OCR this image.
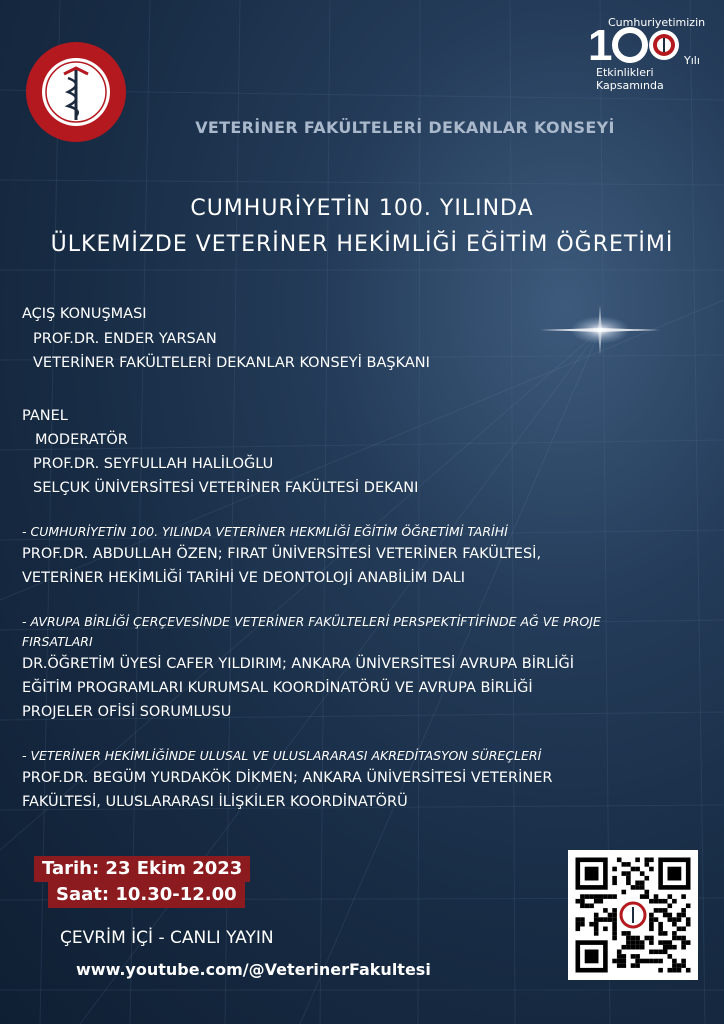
1
Cumhuriyetimizin
Yılı
Etkinlikleri Kapsamında
VETERİNER FAKÜLTELERİ DEKANLAR KONSEYİ
CUMHURİYETİN 100. YILINDA
ÜLKEMİZDE VETERİNER HEKİMLİĞİ EĞİTİM ÖĞRETİMİ
AÇIŞ KONUŞMASI
PROF.DR. ENDER YARSAN
VETERİNER FAKÜLTELERİ DEKANLAR KONSEYİ BAŞKANI
PANEL
MODERATÖR
PROF.DR. SEYFULLAH HALİLOĞLU
SELÇUK ÜNİVERSİTESİ VETERİNER FAKÜLTESİ DEKANI
- CUMHURİYETİN 100. YILINDA VETERİNER HEKMLİĞİ EĞİTİM ÖĞRETİMİ TARİHİ
PROF.DR. ABDULLAH ÖZEN; FIRAT ÜNİVERSİTESİ VETERİNER FAKÜLTESİ,
VETERİNER HEKİMLİĞİ TARİHİ VE DEONTOLOJİ ANABİLİM DALI
- AVRUPA BİRLİĞİ ÇERÇEVESİNDE VETERİNER FAKÜLTELERİ PERSPEKTİFTİFİNDE AĞ VE PROJE
FIRSATLARI
DR.ÖĞRETİM ÜYESİ CAFER YILDIRIM; ANKARA ÜNİVERSİTESİ AVRUPA BİRLİĞİ
EĞİTİM PROGRAMLARI KURUMSAL KOORDİNATÖRÜ VE AVRUPA BİRLİĞİ
PROJELER OFİSİ SORUMLUSU
- VETERİNER HEKİMLİĞİNDE ULUSAL VE ULUSLARARASI AKREDİTASYON SÜREÇLERİ
PROF.DR. BEGÜM YURDAKÖK DİKMEN; ANKARA ÜNİVERSİTESİ VETERİNER
FAKÜLTESİ, ULUSLARARASI İLİŞKİLER KOORDİNATÖRÜ
Tarih: 23 Ekim 2023
Saat: 10.30-12.00
ÇEVRİM İÇİ - CANLI YAYIN
www.youtube.com/@VeterinerFakultesi
